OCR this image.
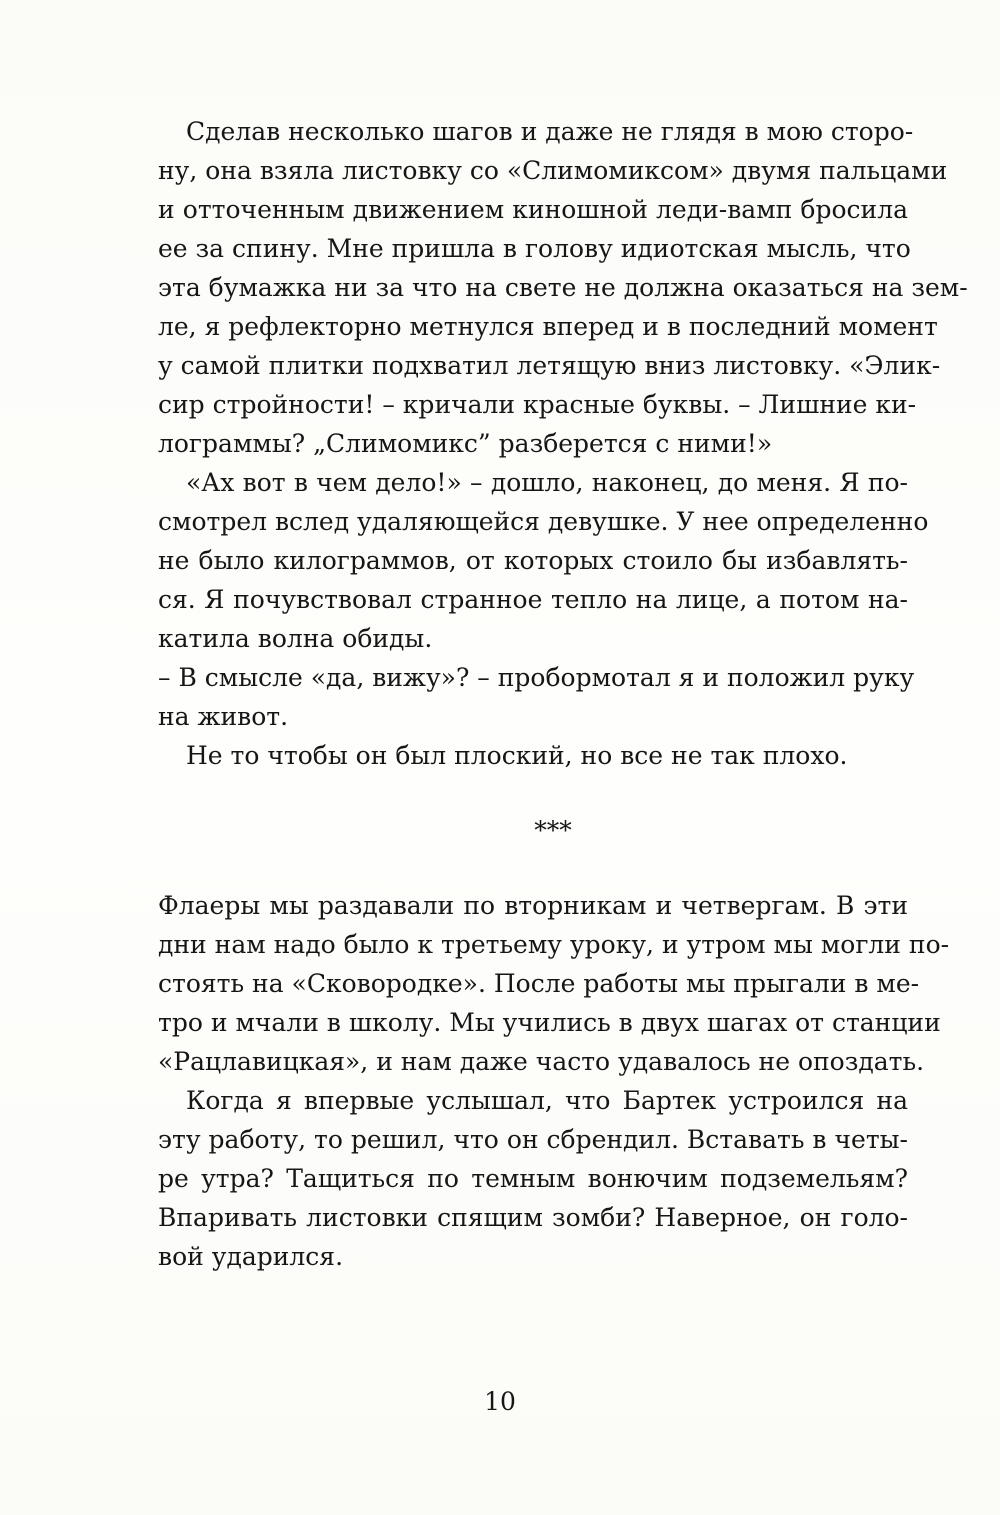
Сделав несколько шагов и даже не глядя в мою сторо-
ну, она взяла листовку со «Слимомиксом» двумя пальцами
и отточенным движением киношной леди-вамп бросила
ее за спину. Мне пришла в голову идиотская мысль, что
эта бумажка ни за что на свете не должна оказаться на зем-
ле, я рефлекторно метнулся вперед и в последний момент
у самой плитки подхватил летящую вниз листовку. «Элик-
сир стройности! – кричали красные буквы. – Лишние ки-
лограммы? „Слимомикс” разберется с ними!»
«Ах вот в чем дело!» – дошло, наконец, до меня. Я по-
смотрел вслед удаляющейся девушке. У нее определенно
не было килограммов, от которых стоило бы избавлять-
ся. Я почувствовал странное тепло на лице, а потом на-
катила волна обиды.
– В смысле «да, вижу»? – пробормотал я и положил руку
на живот.
Не то чтобы он был плоский, но все не так плохо.
***
Флаеры мы раздавали по вторникам и четвергам. В эти
дни нам надо было к третьему уроку, и утром мы могли по-
стоять на «Сковородке». После работы мы прыгали в ме-
тро и мчали в школу. Мы учились в двух шагах от станции
«Рацлавицкая», и нам даже часто удавалось не опоздать.
Когда я впервые услышал, что Бартек устроился на
эту работу, то решил, что он сбрендил. Вставать в четы-
ре утра? Тащиться по темным вонючим подземельям?
Впаривать листовки спящим зомби? Наверное, он голо-
вой ударился.
10
